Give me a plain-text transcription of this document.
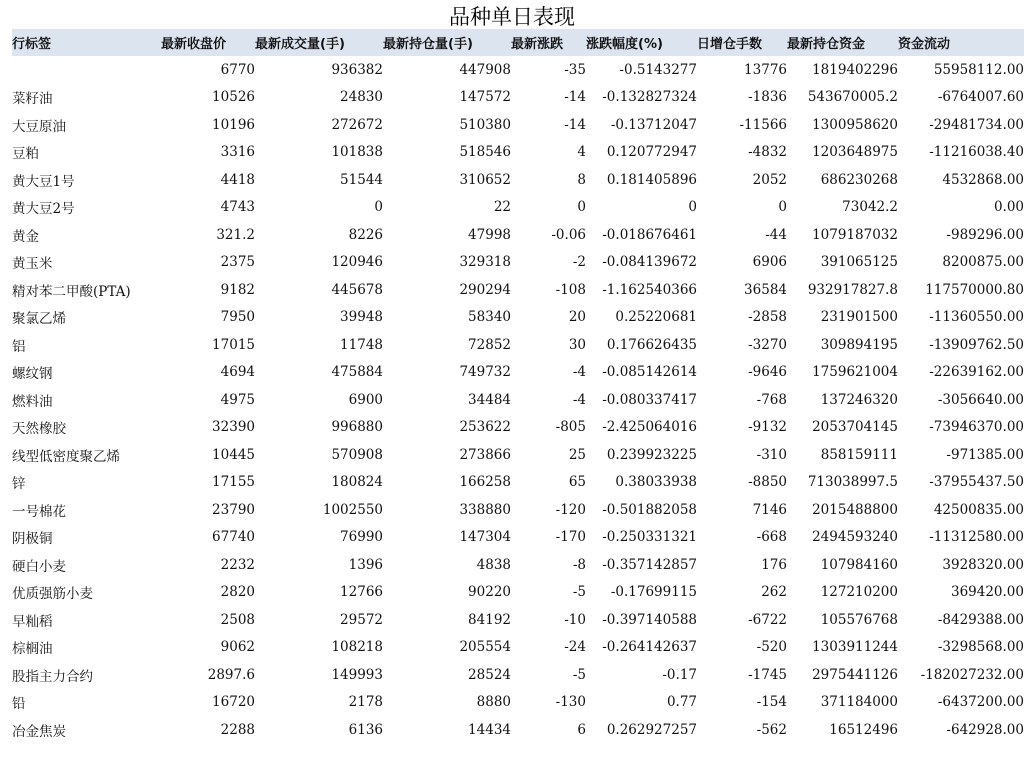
品种单日表现
行标签	最新收盘价	最新成交量(手)	最新持仓量(手)	最新涨跌	涨跌幅度(%)	日增仓手数	最新持仓资金	资金流动
	6770	936382	447908	-35	-0.5143277	13776	1819402296	55958112.00
菜籽油	10526	24830	147572	-14	-0.132827324	-1836	543670005.2	-6764007.60
大豆原油	10196	272672	510380	-14	-0.13712047	-11566	1300958620	-29481734.00
豆粕	3316	101838	518546	4	0.120772947	-4832	1203648975	-11216038.40
黄大豆1号	4418	51544	310652	8	0.181405896	2052	686230268	4532868.00
黄大豆2号	4743	0	22	0	0	0	73042.2	0.00
黄金	321.2	8226	47998	-0.06	-0.018676461	-44	1079187032	-989296.00
黄玉米	2375	120946	329318	-2	-0.084139672	6906	391065125	8200875.00
精对苯二甲酸(PTA)	9182	445678	290294	-108	-1.162540366	36584	932917827.8	117570000.80
聚氯乙烯	7950	39948	58340	20	0.25220681	-2858	231901500	-11360550.00
铝	17015	11748	72852	30	0.176626435	-3270	309894195	-13909762.50
螺纹钢	4694	475884	749732	-4	-0.085142614	-9646	1759621004	-22639162.00
燃料油	4975	6900	34484	-4	-0.080337417	-768	137246320	-3056640.00
天然橡胶	32390	996880	253622	-805	-2.425064016	-9132	2053704145	-73946370.00
线型低密度聚乙烯	10445	570908	273866	25	0.239923225	-310	858159111	-971385.00
锌	17155	180824	166258	65	0.38033938	-8850	713038997.5	-37955437.50
一号棉花	23790	1002550	338880	-120	-0.501882058	7146	2015488800	42500835.00
阴极铜	67740	76990	147304	-170	-0.250331321	-668	2494593240	-11312580.00
硬白小麦	2232	1396	4838	-8	-0.357142857	176	107984160	3928320.00
优质强筋小麦	2820	12766	90220	-5	-0.17699115	262	127210200	369420.00
早籼稻	2508	29572	84192	-10	-0.397140588	-6722	105576768	-8429388.00
棕榈油	9062	108218	205554	-24	-0.264142637	-520	1303911244	-3298568.00
股指主力合约	2897.6	149993	28524	-5	-0.17	-1745	2975441126	-182027232.00
铅	16720	2178	8880	-130	0.77	-154	371184000	-6437200.00
冶金焦炭	2288	6136	14434	6	0.262927257	-562	16512496	-642928.00
